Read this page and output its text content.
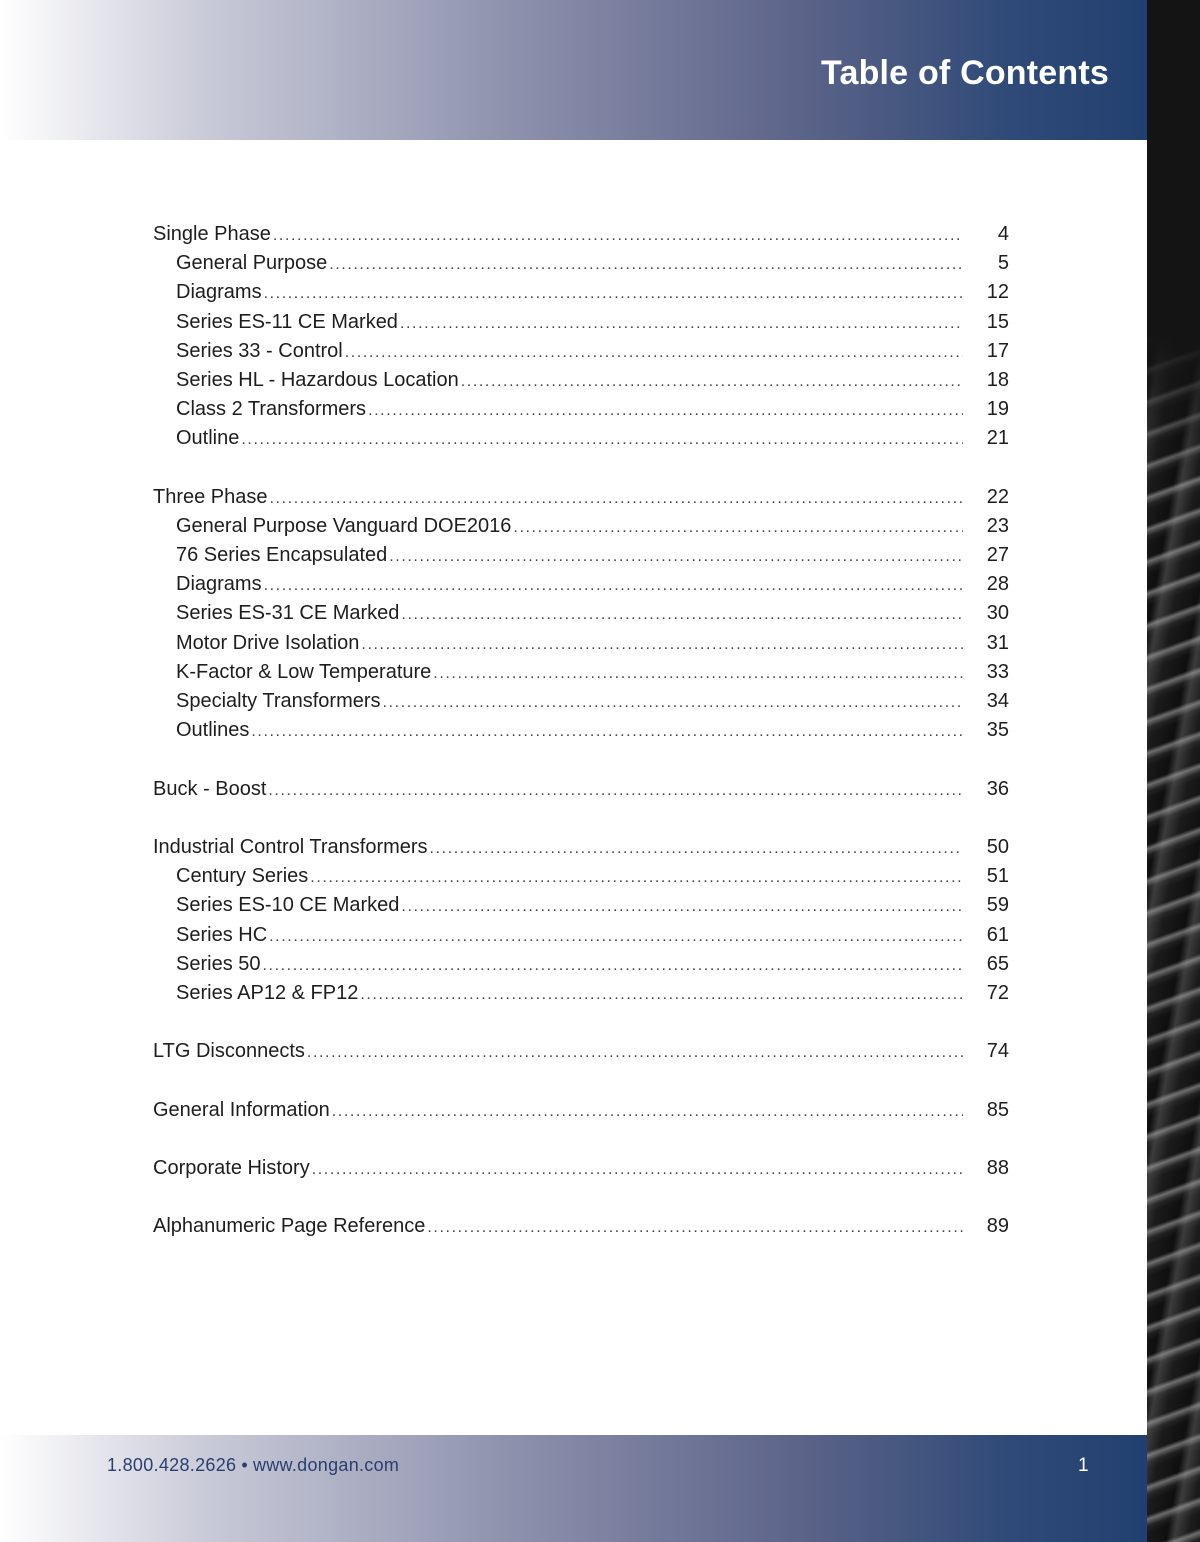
Table of Contents
Single Phase .....	4
General Purpose .....	5
Diagrams .....	12
Series ES-11 CE Marked .....	15
Series 33 - Control .....	17
Series HL - Hazardous Location .....	18
Class 2 Transformers .....	19
Outline .....	21
Three Phase .....	22
General Purpose Vanguard DOE2016 .....	23
76 Series Encapsulated .....	27
Diagrams .....	28
Series ES-31 CE Marked .....	30
Motor Drive Isolation .....	31
K-Factor & Low Temperature .....	33
Specialty Transformers .....	34
Outlines .....	35
Buck - Boost .....	36
Industrial Control Transformers .....	50
Century Series .....	51
Series ES-10 CE Marked .....	59
Series HC .....	61
Series 50 .....	65
Series AP12 & FP12 .....	72
LTG Disconnects .....	74
General Information .....	85
Corporate History .....	88
Alphanumeric Page Reference .....	89
1.800.428.2626 • www.dongan.com	1
